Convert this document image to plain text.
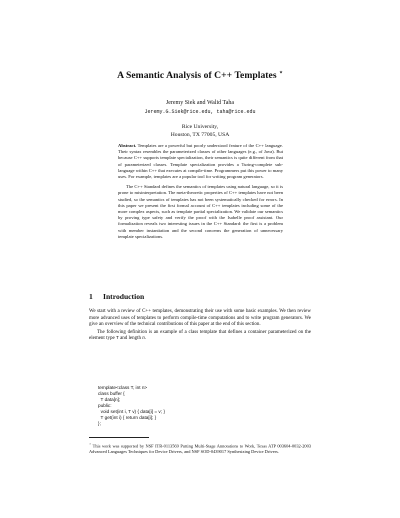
A Semantic Analysis of C++ Templates ⋆
Jeremy Siek and Walid Taha
Jeremy.G.Siek@rice.edu, taha@rice.edu
Rice University,
Houston, TX 77005, USA

Abstract. Templates are a powerful but poorly understood feature of the C++ language. Their syntax resembles the parameterized classes of other languages (e.g., of Java). But because C++ supports template specialization, their semantics is quite different from that of parameterized classes. Template specialization provides a Turing-complete sub-language within C++ that executes at compile-time. Programmers put this power to many uses. For example, templates are a popular tool for writing program generators.

The C++ Standard defines the semantics of templates using natural language, so it is prone to misinterpretation. The meta-theoretic properties of C++ templates have not been studied, so the semantics of templates has not been systematically checked for errors. In this paper we present the first formal account of C++ templates including some of the more complex aspects, such as template partial specialization. We validate our semantics by proving type safety and verify the proof with the Isabelle proof assistant. Our formalization reveals two interesting issues in the C++ Standard: the first is a problem with member instantiation and the second concerns the generation of unnecessary template specializations.

1 Introduction

We start with a review of C++ templates, demonstrating their use with some basic examples. We then review more advanced uses of templates to perform compile-time computations and to write program generators. We give an overview of the technical contributions of this paper at the end of this section.

The following definition is an example of a class template that defines a container parameterized on the element type T and length n.

template<class T, int n>
class buffer {
T data[n];
public:
void set(int i, T v) { data[i] = v; }
T get(int i) { return data[i]; }
};
⋆ This work was supported by NSF ITR-0113569 Putting Multi-Stage Annotations to Work, Texas ATP 003604-0032-2003 Advanced Languages Techniques for Device Drivers, and NSF SOD-0439017 Synthesizing Device Drivers.
